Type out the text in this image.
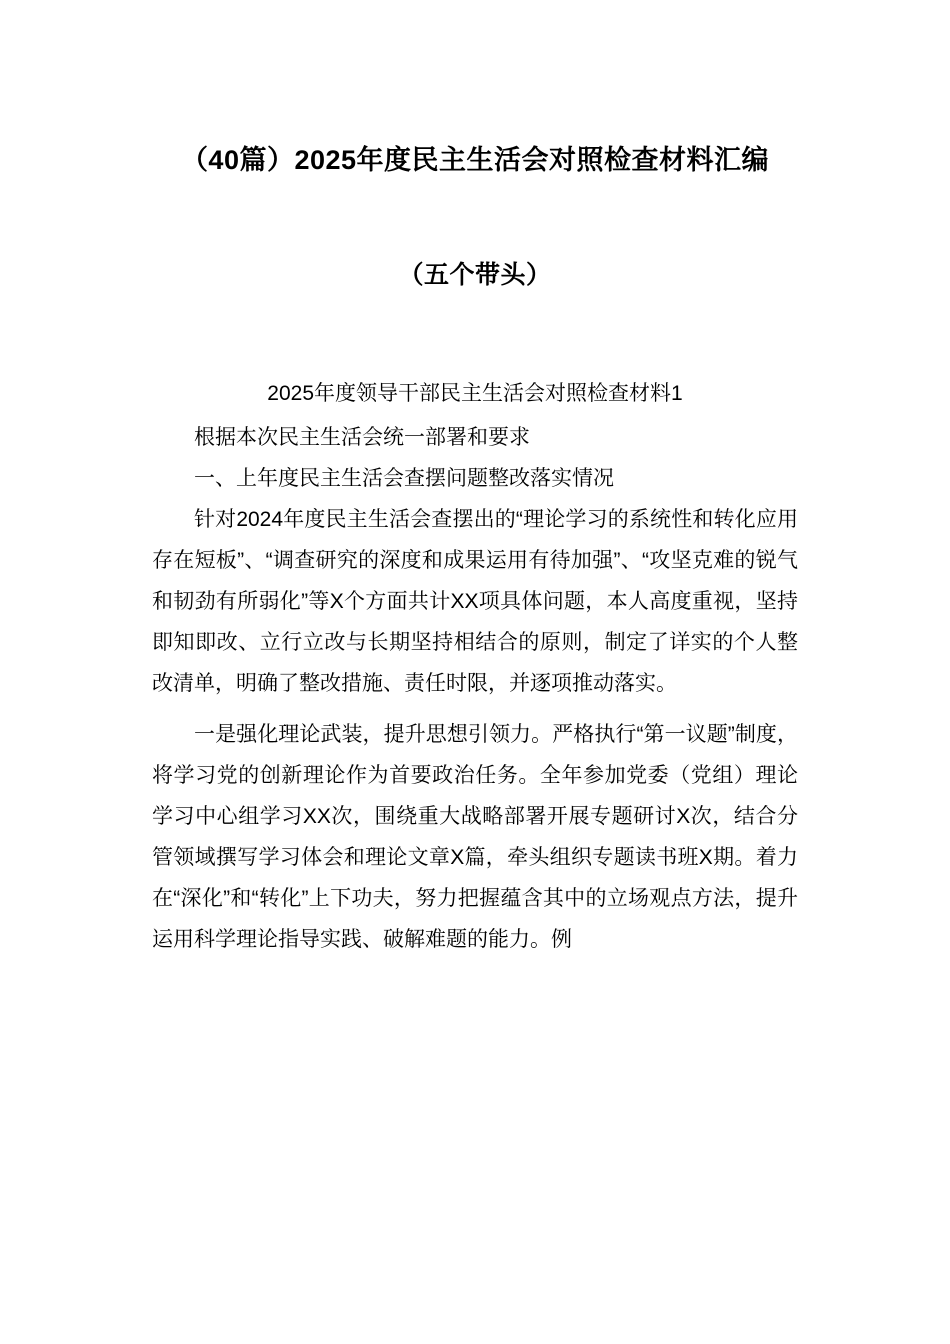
（40篇）2025年度民主生活会对照检查材料汇编
（五个带头）

2025年度领导干部民主生活会对照检查材料1

根据本次民主生活会统一部署和要求

一、上年度民主生活会查摆问题整改落实情况

针对2024年度民主生活会查摆出的“理论学习的系统性和转化应用存在短板”、“调查研究的深度和成果运用有待加强”、“攻坚克难的锐气和韧劲有所弱化”等X个方面共计XX项具体问题，本人高度重视，坚持即知即改、立行立改与长期坚持相结合的原则，制定了详实的个人整改清单，明确了整改措施、责任时限，并逐项推动落实。

一是强化理论武装，提升思想引领力。严格执行“第一议题”制度，将学习党的创新理论作为首要政治任务。全年参加党委（党组）理论学习中心组学习XX次，围绕重大战略部署开展专题研讨X次，结合分管领域撰写学习体会和理论文章X篇，牵头组织专题读书班X期。着力在“深化”和“转化”上下功夫，努力把握蕴含其中的立场观点方法，提升运用科学理论指导实践、破解难题的能力。例
